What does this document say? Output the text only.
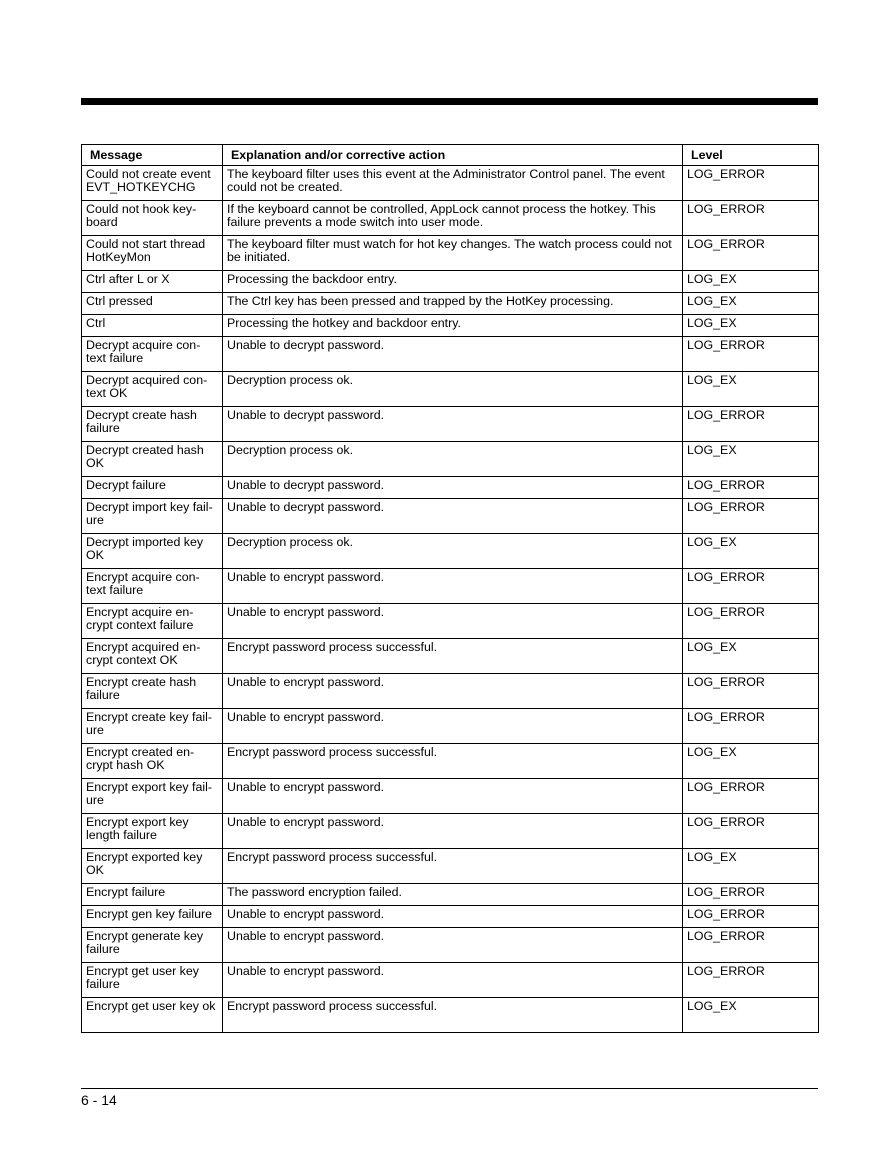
Message	Explanation and/or corrective action	Level
Could not create event EVT_HOTKEYCHG	The keyboard filter uses this event at the Administrator Control panel. The event could not be created.	LOG_ERROR
Could not hook key-board	If the keyboard cannot be controlled, AppLock cannot process the hotkey. This failure prevents a mode switch into user mode.	LOG_ERROR
Could not start thread HotKeyMon	The keyboard filter must watch for hot key changes. The watch process could not be initiated.	LOG_ERROR
Ctrl after L or X	Processing the backdoor entry.	LOG_EX
Ctrl pressed	The Ctrl key has been pressed and trapped by the HotKey processing.	LOG_EX
Ctrl	Processing the hotkey and backdoor entry.	LOG_EX
Decrypt acquire con-text failure	Unable to decrypt password.	LOG_ERROR
Decrypt acquired con-text OK	Decryption process ok.	LOG_EX
Decrypt create hash failure	Unable to decrypt password.	LOG_ERROR
Decrypt created hash OK	Decryption process ok.	LOG_EX
Decrypt failure	Unable to decrypt password.	LOG_ERROR
Decrypt import key fail-ure	Unable to decrypt password.	LOG_ERROR
Decrypt imported key OK	Decryption process ok.	LOG_EX
Encrypt acquire con-text failure	Unable to encrypt password.	LOG_ERROR
Encrypt acquire en-crypt context failure	Unable to encrypt password.	LOG_ERROR
Encrypt acquired en-crypt context OK	Encrypt password process successful.	LOG_EX
Encrypt create hash failure	Unable to encrypt password.	LOG_ERROR
Encrypt create key fail-ure	Unable to encrypt password.	LOG_ERROR
Encrypt created en-crypt hash OK	Encrypt password process successful.	LOG_EX
Encrypt export key fail-ure	Unable to encrypt password.	LOG_ERROR
Encrypt export key length failure	Unable to encrypt password.	LOG_ERROR
Encrypt exported key OK	Encrypt password process successful.	LOG_EX
Encrypt failure	The password encryption failed.	LOG_ERROR
Encrypt gen key failure	Unable to encrypt password.	LOG_ERROR
Encrypt generate key failure	Unable to encrypt password.	LOG_ERROR
Encrypt get user key failure	Unable to encrypt password.	LOG_ERROR
Encrypt get user key ok	Encrypt password process successful.	LOG_EX
6 - 14
